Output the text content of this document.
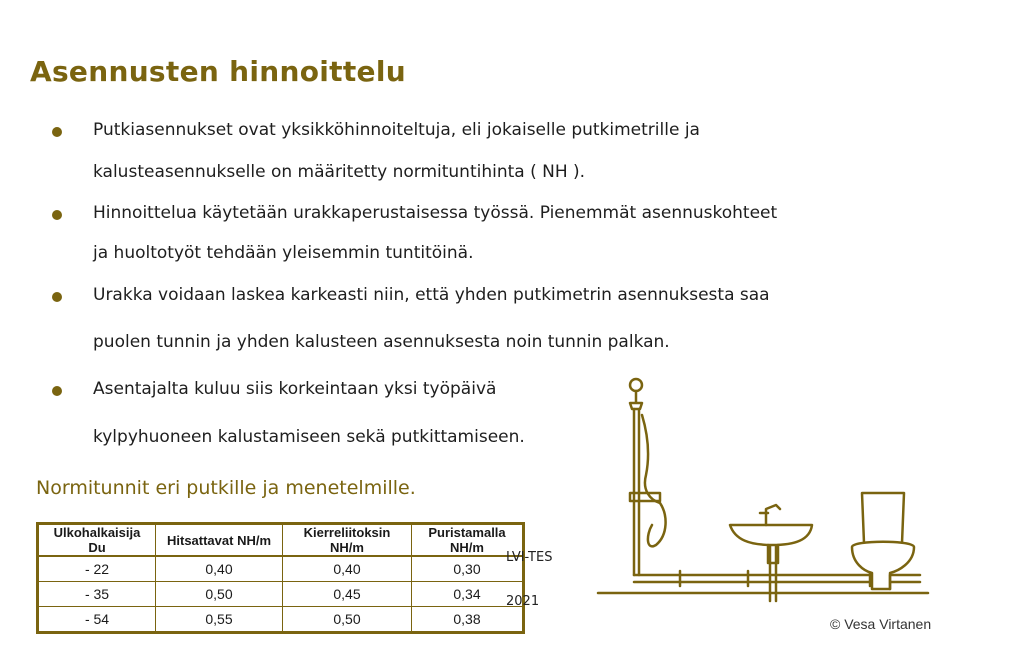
Asennusten hinnoittelu
Putkiasennukset ovat yksikköhinnoiteltuja, eli jokaiselle putkimetrille ja
kalusteasennukselle on määritetty normituntihinta ( NH ).
Hinnoittelua käytetään urakkaperustaisessa työssä. Pienemmät asennuskohteet
ja huoltotyöt tehdään yleisemmin tuntitöinä.
Urakka voidaan laskea karkeasti niin, että yhden putkimetrin asennuksesta saa
puolen tunnin ja yhden kalusteen asennuksesta noin tunnin palkan.
Asentajalta kuluu siis korkeintaan yksi työpäivä
kylpyhuoneen kalustamiseen sekä putkittamiseen.
Normitunnit eri putkille ja menetelmille.
Ulkohalkaisija Du	Hitsattavat NH/m	Kierreliitoksin NH/m	Puristamalla NH/m
- 22	0,40	0,40	0,30
- 35	0,50	0,45	0,34
- 54	0,55	0,50	0,38
LVI-TES
2021
© Vesa Virtanen
